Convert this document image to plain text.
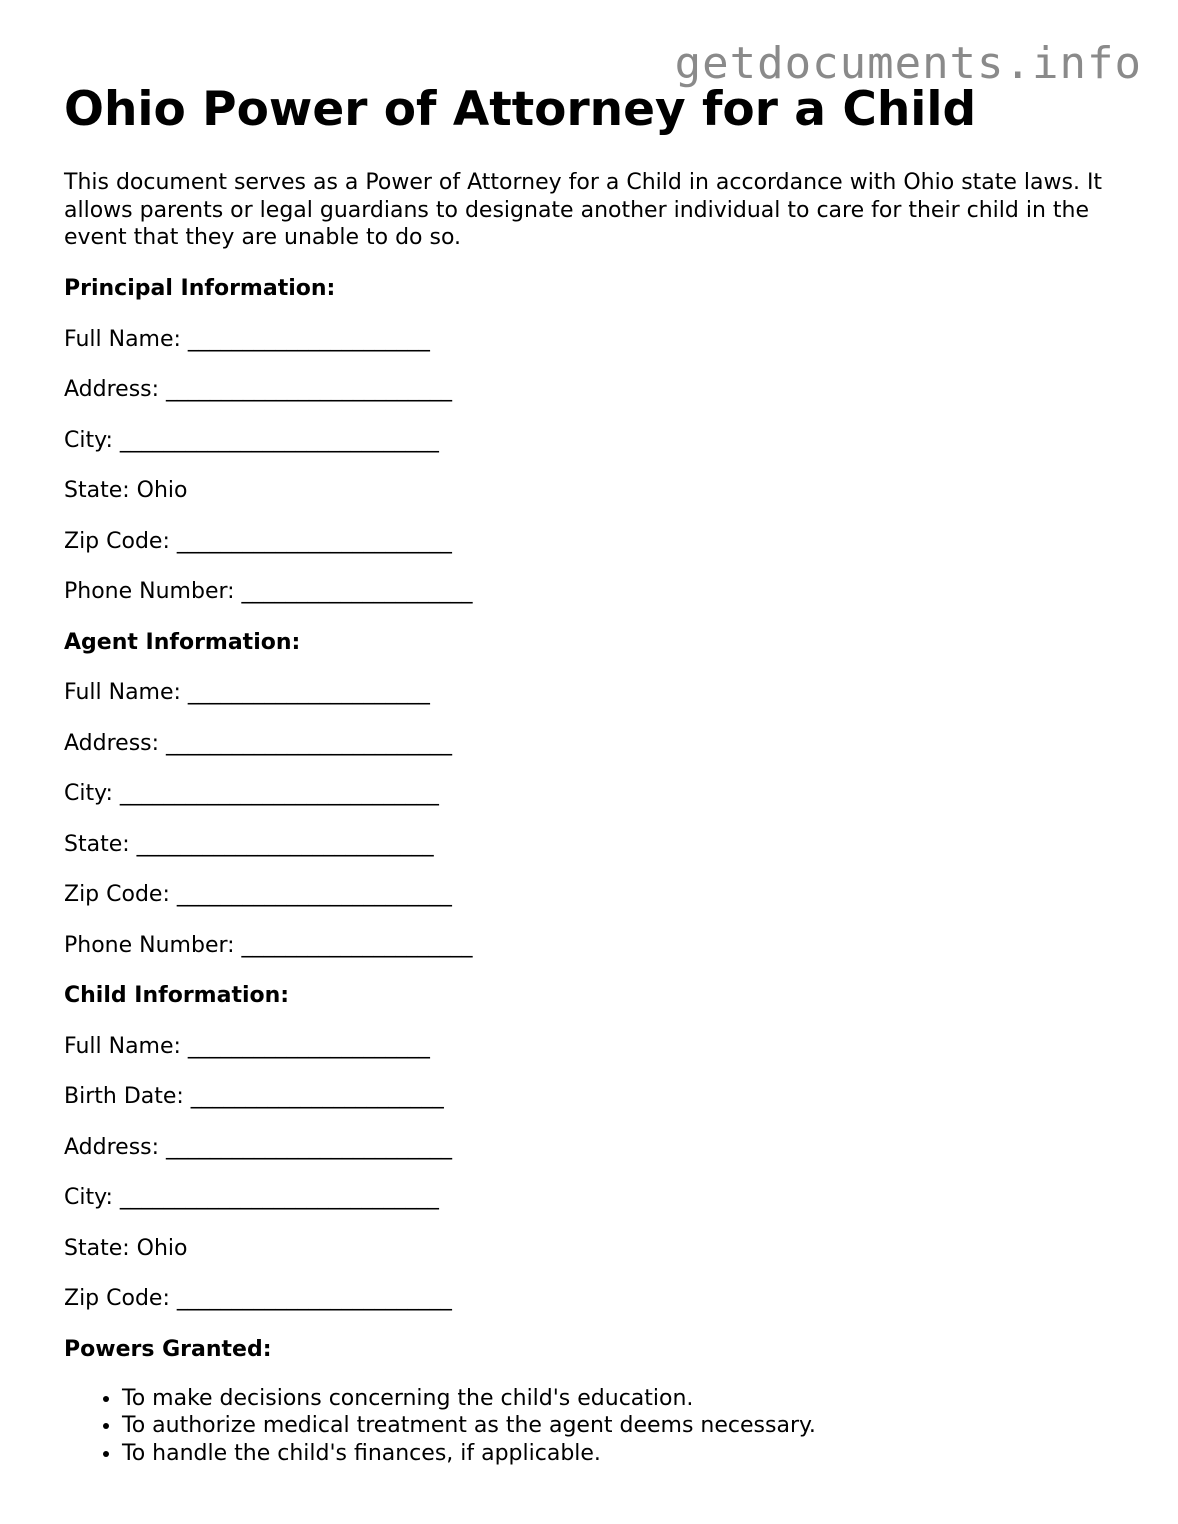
getdocuments.info
Ohio Power of Attorney for a Child

This document serves as a Power of Attorney for a Child in accordance with Ohio state laws. It allows parents or legal guardians to designate another individual to care for their child in the event that they are unable to do so.

Principal Information:

Full Name: ______________________

Address: __________________________

City: _____________________________

State: Ohio

Zip Code: _________________________

Phone Number: _____________________

Agent Information:

Full Name: ______________________

Address: __________________________

City: _____________________________

State: ___________________________

Zip Code: _________________________

Phone Number: _____________________

Child Information:

Full Name: ______________________

Birth Date: _______________________

Address: __________________________

City: _____________________________

State: Ohio

Zip Code: _________________________

Powers Granted:

• To make decisions concerning the child's education.
• To authorize medical treatment as the agent deems necessary.
• To handle the child's finances, if applicable.
